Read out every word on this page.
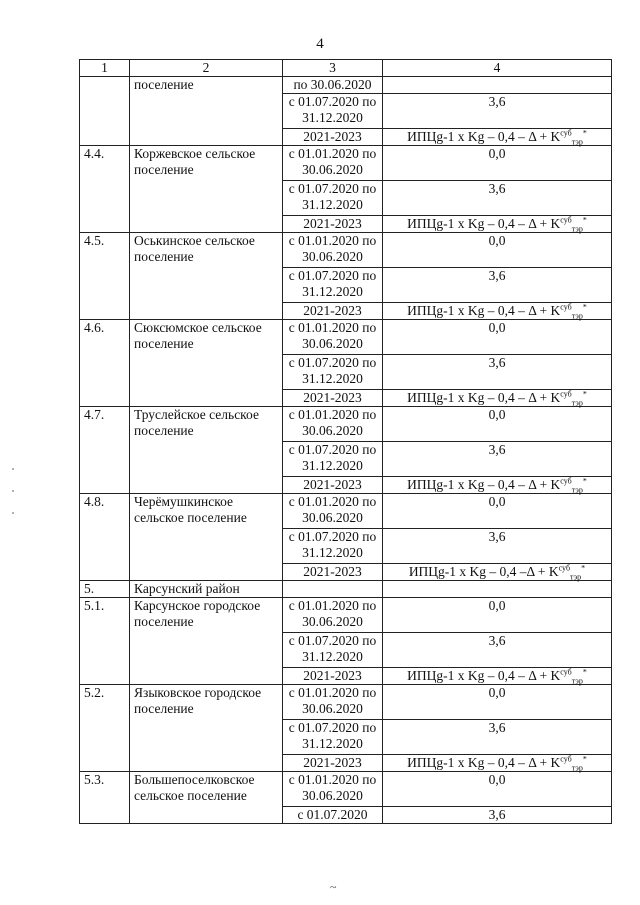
4
1	2	3	4
	поселение	по 30.06.2020	
		с 01.07.2020 по 31.12.2020	3,6
		2021-2023	ИПЦg-1 x $Kg - 0,4 - \Delta + K^{суб}_{тэр}^*$
4.4.	Коржевское сельское поселение	с 01.01.2020 по 30.06.2020	0,0
		с 01.07.2020 по 31.12.2020	3,6
		2021-2023	ИПЦg-1 x $Kg - 0,4 - \Delta + K^{суб}_{тэр}^*$
4.5.	Оськинское сельское поселение	с 01.01.2020 по 30.06.2020	0,0
		с 01.07.2020 по 31.12.2020	3,6
		2021-2023	ИПЦg-1 x $Kg - 0,4 - \Delta + K^{суб}_{тэр}^*$
4.6.	Сюксюмское сельское поселение	с 01.01.2020 по 30.06.2020	0,0
		с 01.07.2020 по 31.12.2020	3,6
		2021-2023	ИПЦg-1 x $Kg - 0,4 - \Delta + K^{суб}_{тэр}^*$
4.7.	Труслейское сельское поселение	с 01.01.2020 по 30.06.2020	0,0
		с 01.07.2020 по 31.12.2020	3,6
		2021-2023	ИПЦg-1 x $Kg - 0,4 - \Delta + K^{суб}_{тэр}^*$
4.8.	Черёмушкинское сельское поселение	с 01.01.2020 по 30.06.2020	0,0
		с 01.07.2020 по 31.12.2020	3,6
		2021-2023	ИПЦg-1 x Kg – 0,4 $-\Delta + K^{суб}_{тэр}^*$
5.	Карсунский район		
5.1.	Карсунское городское поселение	с 01.01.2020 по 30.06.2020	0,0
		с 01.07.2020 по 31.12.2020	3,6
		2021-2023	ИПЦg-1 x $Kg - 0,4 - \Delta + K^{суб}_{тэр}^*$
5.2.	Языковское городское поселение	с 01.01.2020 по 30.06.2020	0,0
		с 01.07.2020 по 31.12.2020	3,6
		2021-2023	ИПЦg-1 x $Kg - 0,4 - \Delta + K^{суб}_{тэр}^*$
5.3.	Большепоселковское сельское поселение	с 01.01.2020 по 30.06.2020	0,0
		с 01.07.2020	3,6
~
